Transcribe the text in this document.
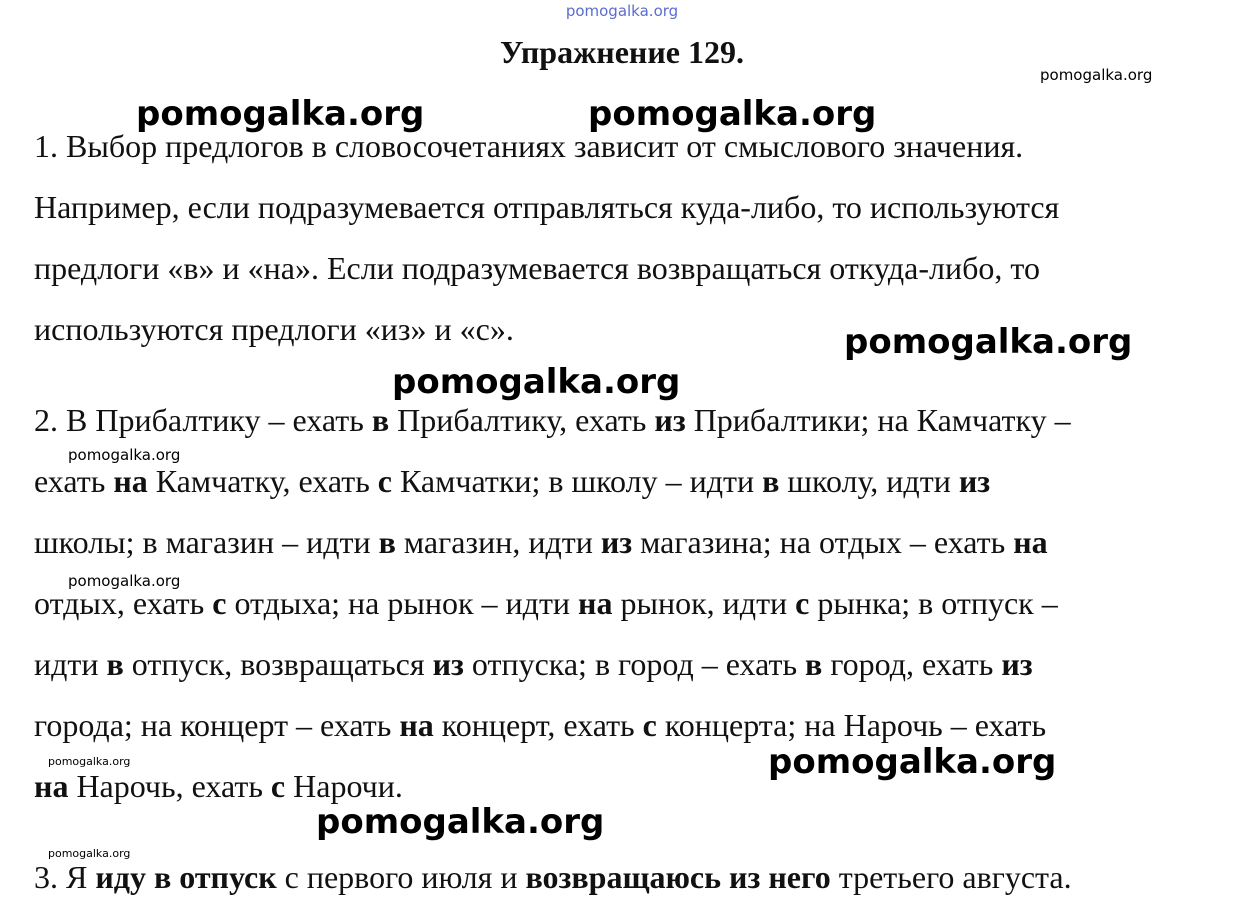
pomogalka.org
Упражнение 129.
1. Выбор предлогов в словосочетаниях зависит от смыслового значения.
Например, если подразумевается отправляться куда-либо, то используются
предлоги «в» и «на». Если подразумевается возвращаться откуда-либо, то
используются предлоги «из» и «с».
2. В Прибалтику – ехать в Прибалтику, ехать из Прибалтики; на Камчатку –
ехать на Камчатку, ехать с Камчатки; в школу – идти в школу, идти из
школы; в магазин – идти в магазин, идти из магазина; на отдых – ехать на
отдых, ехать с отдыха; на рынок – идти на рынок, идти с рынка; в отпуск –
идти в отпуск, возвращаться из отпуска; в город – ехать в город, ехать из
города; на концерт – ехать на концерт, ехать с концерта; на Нарочь – ехать
на Нарочь, ехать с Нарочи.
3. Я иду в отпуск с первого июля и возвращаюсь из него третьего августа.
pomogalka.org
pomogalka.org	pomogalka.org
pomogalka.org
pomogalka.org
pomogalka.org
pomogalka.org
pomogalka.org	pomogalka.org
pomogalka.org
pomogalka.org
